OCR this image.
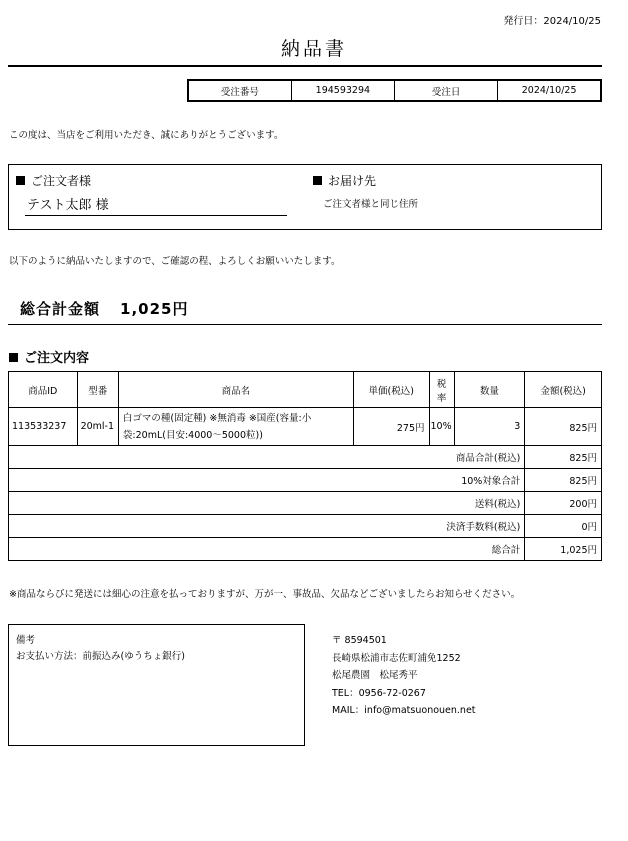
発行日：2024/10/25
納品書
受注番号	194593294	受注日	2024/10/25
この度は、当店をご利用いただき、誠にありがとうございます。
ご注文者様
テスト太郎 様
お届け先
ご注文者様と同じ住所
以下のように納品いたしますので、ご確認の程、よろしくお願いいたします。
総合計金額 1,025円
ご注文内容
商品ID	型番	商品名	単価(税込)	税率	数量	金額(税込)
113533237	20ml-1	白ゴマの種(固定種) ※無消毒 ※国産(容量:小袋:20mL(目安:4000～5000粒))	275円	10%	3	825円
商品合計(税込)						825円
10%対象合計						825円
送料(税込)						200円
決済手数料(税込)						0円
総合計						1,025円
※商品ならびに発送には細心の注意を払っておりますが、万が一、事故品、欠品などございましたらお知らせください。
備考
お支払い方法：前振込み(ゆうちょ銀行)
〒 8594501
長崎県松浦市志佐町浦免1252
松尾農園　松尾秀平
TEL：0956-72-0267
MAIL：info@matsuonouen.net
